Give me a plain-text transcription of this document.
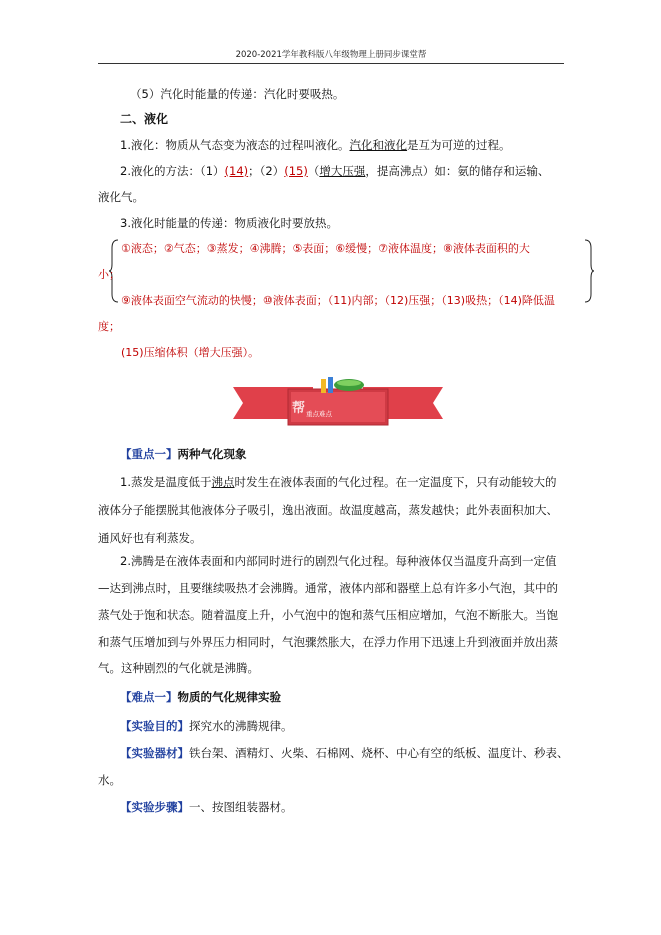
2020-2021学年教科版八年级物理上册同步课堂帮
（5）汽化时能量的传递：汽化时要吸热。
二、液化
1.液化：物质从气态变为液态的过程叫液化。汽化和液化是互为可逆的过程。
2.液化的方法：（1）(14)；（2）(15)（增大压强，提高沸点）如：氨的储存和运输、
液化气。
3.液化时能量的传递：物质液化时要放热。
①液态；②气态；③蒸发；④沸腾；⑤表面；⑥缓慢；⑦液体温度；⑧液体表面积的大
小；
⑨液体表面空气流动的快慢；⑩液体表面；（11)内部；（12)压强；（13)吸热；（14)降低温
度；
(15)压缩体积（增大压强）。
帮 重点难点
【重点一】两种气化现象
1.蒸发是温度低于沸点时发生在液体表面的气化过程。在一定温度下，只有动能较大的
液体分子能摆脱其他液体分子吸引，逸出液面。故温度越高，蒸发越快；此外表面积加大、
通风好也有利蒸发。
2.沸腾是在液体表面和内部同时进行的剧烈气化过程。每种液体仅当温度升高到一定值
—达到沸点时，且要继续吸热才会沸腾。通常，液体内部和器壁上总有许多小气泡，其中的
蒸气处于饱和状态。随着温度上升，小气泡中的饱和蒸气压相应增加，气泡不断胀大。当饱
和蒸气压增加到与外界压力相同时，气泡骤然胀大，在浮力作用下迅速上升到液面并放出蒸
气。这种剧烈的气化就是沸腾。
【难点一】物质的气化规律实验
【实验目的】探究水的沸腾规律。
【实验器材】铁台架、酒精灯、火柴、石棉网、烧杯、中心有空的纸板、温度计、秒表、
水。
【实验步骤】一、按图组装器材。
